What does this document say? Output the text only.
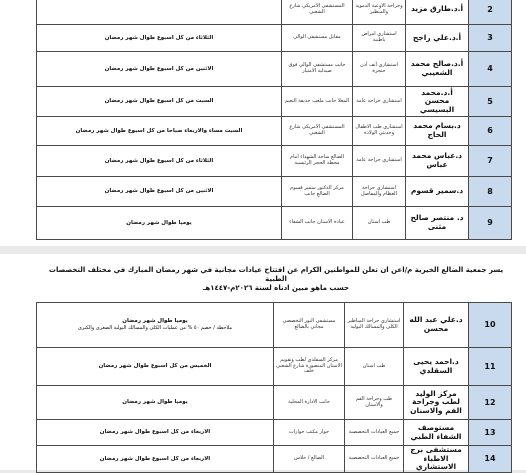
2	أ.د.طارق مزيد	وجراحة الاوعية الدموية والمنظير	المستشفى الامريكي شارع الشعبي	
3	أ.د.علي راجح	استشاري امراض باطنية	مقابل مستشفى الوالي	الثلاثاء من كل اسبوع طوال شهر رمضان
4	أ.د.صالح محمد الشعيبي	استشاري أنف أذن حنجرة	جانب مستشفى الوالي فوق صيدلية الامتياز	الاثنين من كل اسبوع طوال شهر رمضان
5	أ.د.محمد محسن البسيسي	استشاري جراحة عامة	المعلا جانب ملعب حديقة النعيم	السبت من كل اسبوع طوال شهر رمضان
6	د.بسام محمد الحاج	استشاري طب الاطفال وحديثي الولادة	المستشفى الامريكي شارع الشعبي	السبت مساء والاربعاء صباحا من كل اسبوع طوال شهر رمضان
7	د.عباس محمد عباس	استشاري جراحة عامة	الضالع ساحة الشهداء امام محطة الحجر الرئيسية	الثلاثاء من كل اسبوع طوال شهر رمضان
8	د.سمير قسوم	استشاري جراحة العظام والمفاصل	مركز الدكتور سمير قسوم الضالع جانب	الاثنين من كل اسبوع طوال شهر رمضان
9	د. منتصر صالح مثنى	طب اسنان	عيادة الاسنان جانب الشفاء	يوميا طوال شهر رمضان
يسر جمعية الضالع الخيرية م/اعن ان تعلن للمواطنين الكرام عن افتتاح عيادات مجانية في شهر رمضان المبارك في مختلف التخصصات الطبية
حسب ماهو مبين ادناه لسنة ٢٠٢٦م-١٤٤٧هـ
10	د.علي عبد الله محسن	استشاري جراحة المناظير الكلى والمسالك البولية	مستشفى النور التخصصي مجاني بالضالع	يوميا طوال شهر رمضان
ملاحظة / خصم ٥٠ % من عمليات الكلى والمسالك البولية الصغرى والكبرى

11	د.احمد يحيى السقلدي	طب اسنان	مركز السقلدي لطب وتقويم الاسنان المنصورة شارع الشعبي خلف	الخميس من كل اسبوع طوال شهر رمضان
12	مركز الوليد لطب وجراحة الفم والاسنان	طب وجراحة الفم والاسنان	جانب الادارة المحلية	يوميا طوال شهر رمضان
13	مستوصف الشفاء الطبي	جميع العيادات التخصصية	جوار مكتب جوازات	الاربعاء من كل اسبوع طوال شهر رمضان
14	مستشفى برج الاطباء الاستشاري	جميع العيادات التخصصية	الضالع / حلاس	الاربعاء من كل اسبوع طوال شهر رمضان
